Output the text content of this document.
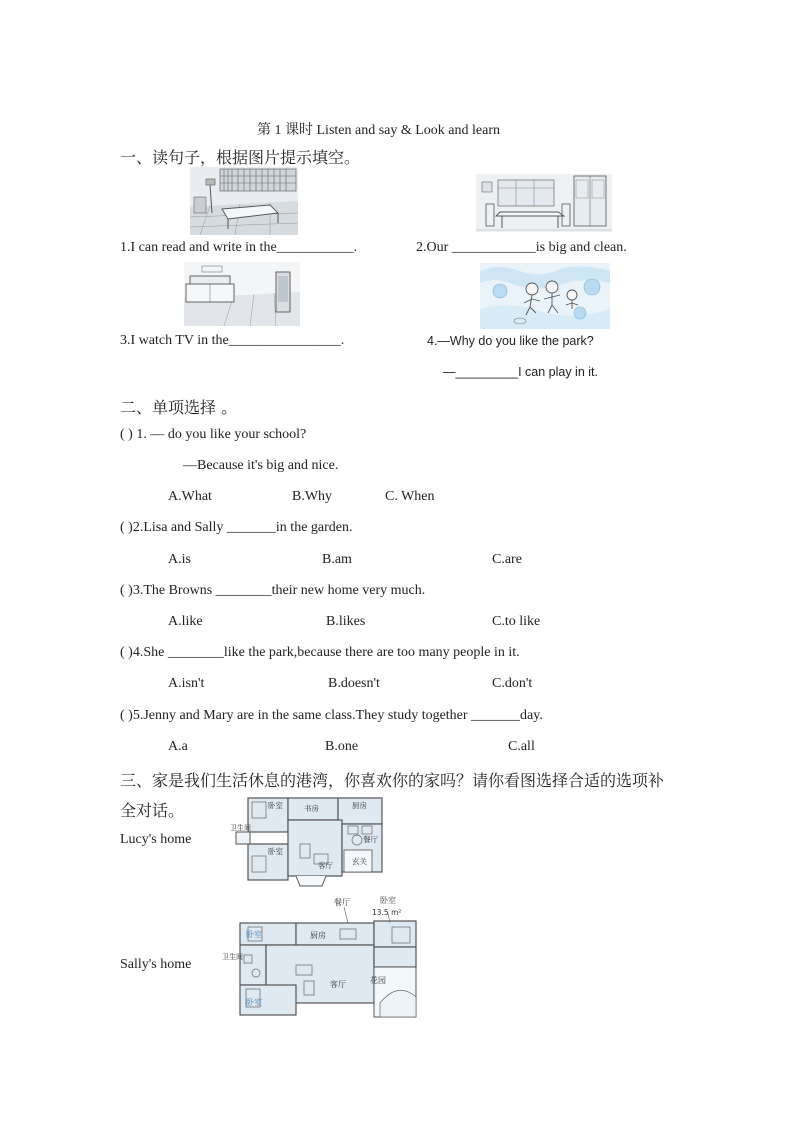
第 1 课时 Listen and say & Look and learn
一、读句子，根据图片提示填空。
1.I can read and write in the___________.	2.Our ____________is big and clean.
3.I watch TV in the________________.	4.—Why do you like the park?
—_________I can play in it.
二、单项选择 。
( ) 1. — do you like your school?
—Because it's big and nice.
A.What	B.Why	C. When
( )2.Lisa and Sally _______in the garden.
A.is	B.am	C.are
( )3.The Browns ________their new home very much.
A.like	B.likes	C.to like
( )4.She ________like the park,because there are too many people in it.
A.isn't	B.doesn't	C.don't
( )5.Jenny and Mary are in the same class.They study together _______day.
A.a	B.one	C.all
三、家是我们生活休息的港湾，你喜欢你的家吗？请你看图选择合适的选项补
全对话。
Lucy's home
卧室	书房	厨房
餐厅
卧室
客厅	玄关
卫生间
Sally's home
餐厅	卧室
13.5 m²
卧室	厨房
客厅	花园
卧室
卫生间
